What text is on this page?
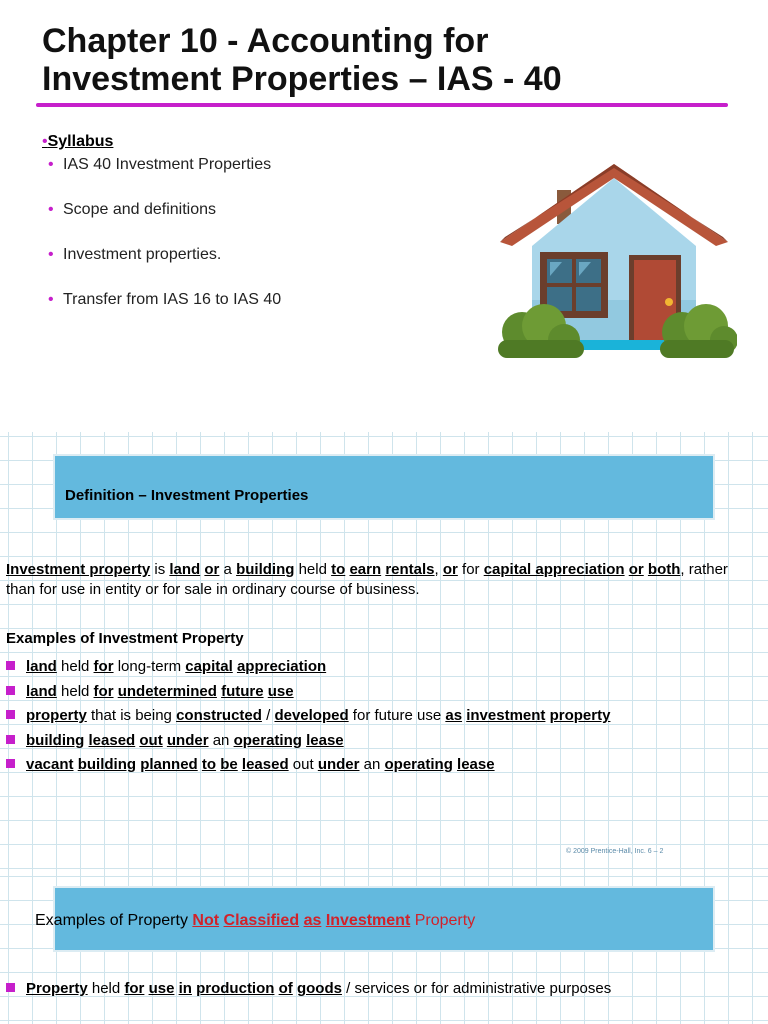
Chapter 10 - Accounting for
Investment Properties – IAS - 40
•Syllabus
• IAS 40 Investment Properties
• Scope and definitions
• Investment properties.
• Transfer from IAS 16 to IAS 40
Definition – Investment Properties

Investment property is land or a building held to earn rentals, or for capital appreciation or both, rather than for use in entity or for sale in ordinary course of business.

Examples of Investment Property
land held for long-term capital appreciation
land held for undetermined future use
property that is being constructed / developed for future use as investment property
building leased out under an operating lease
vacant building planned to be leased out under an operating lease
© 2009 Prentice-Hall, Inc. 6 – 2
Examples of Property Not Classified as Investment Property
Property held for use in production of goods / services or for administrative purposes
